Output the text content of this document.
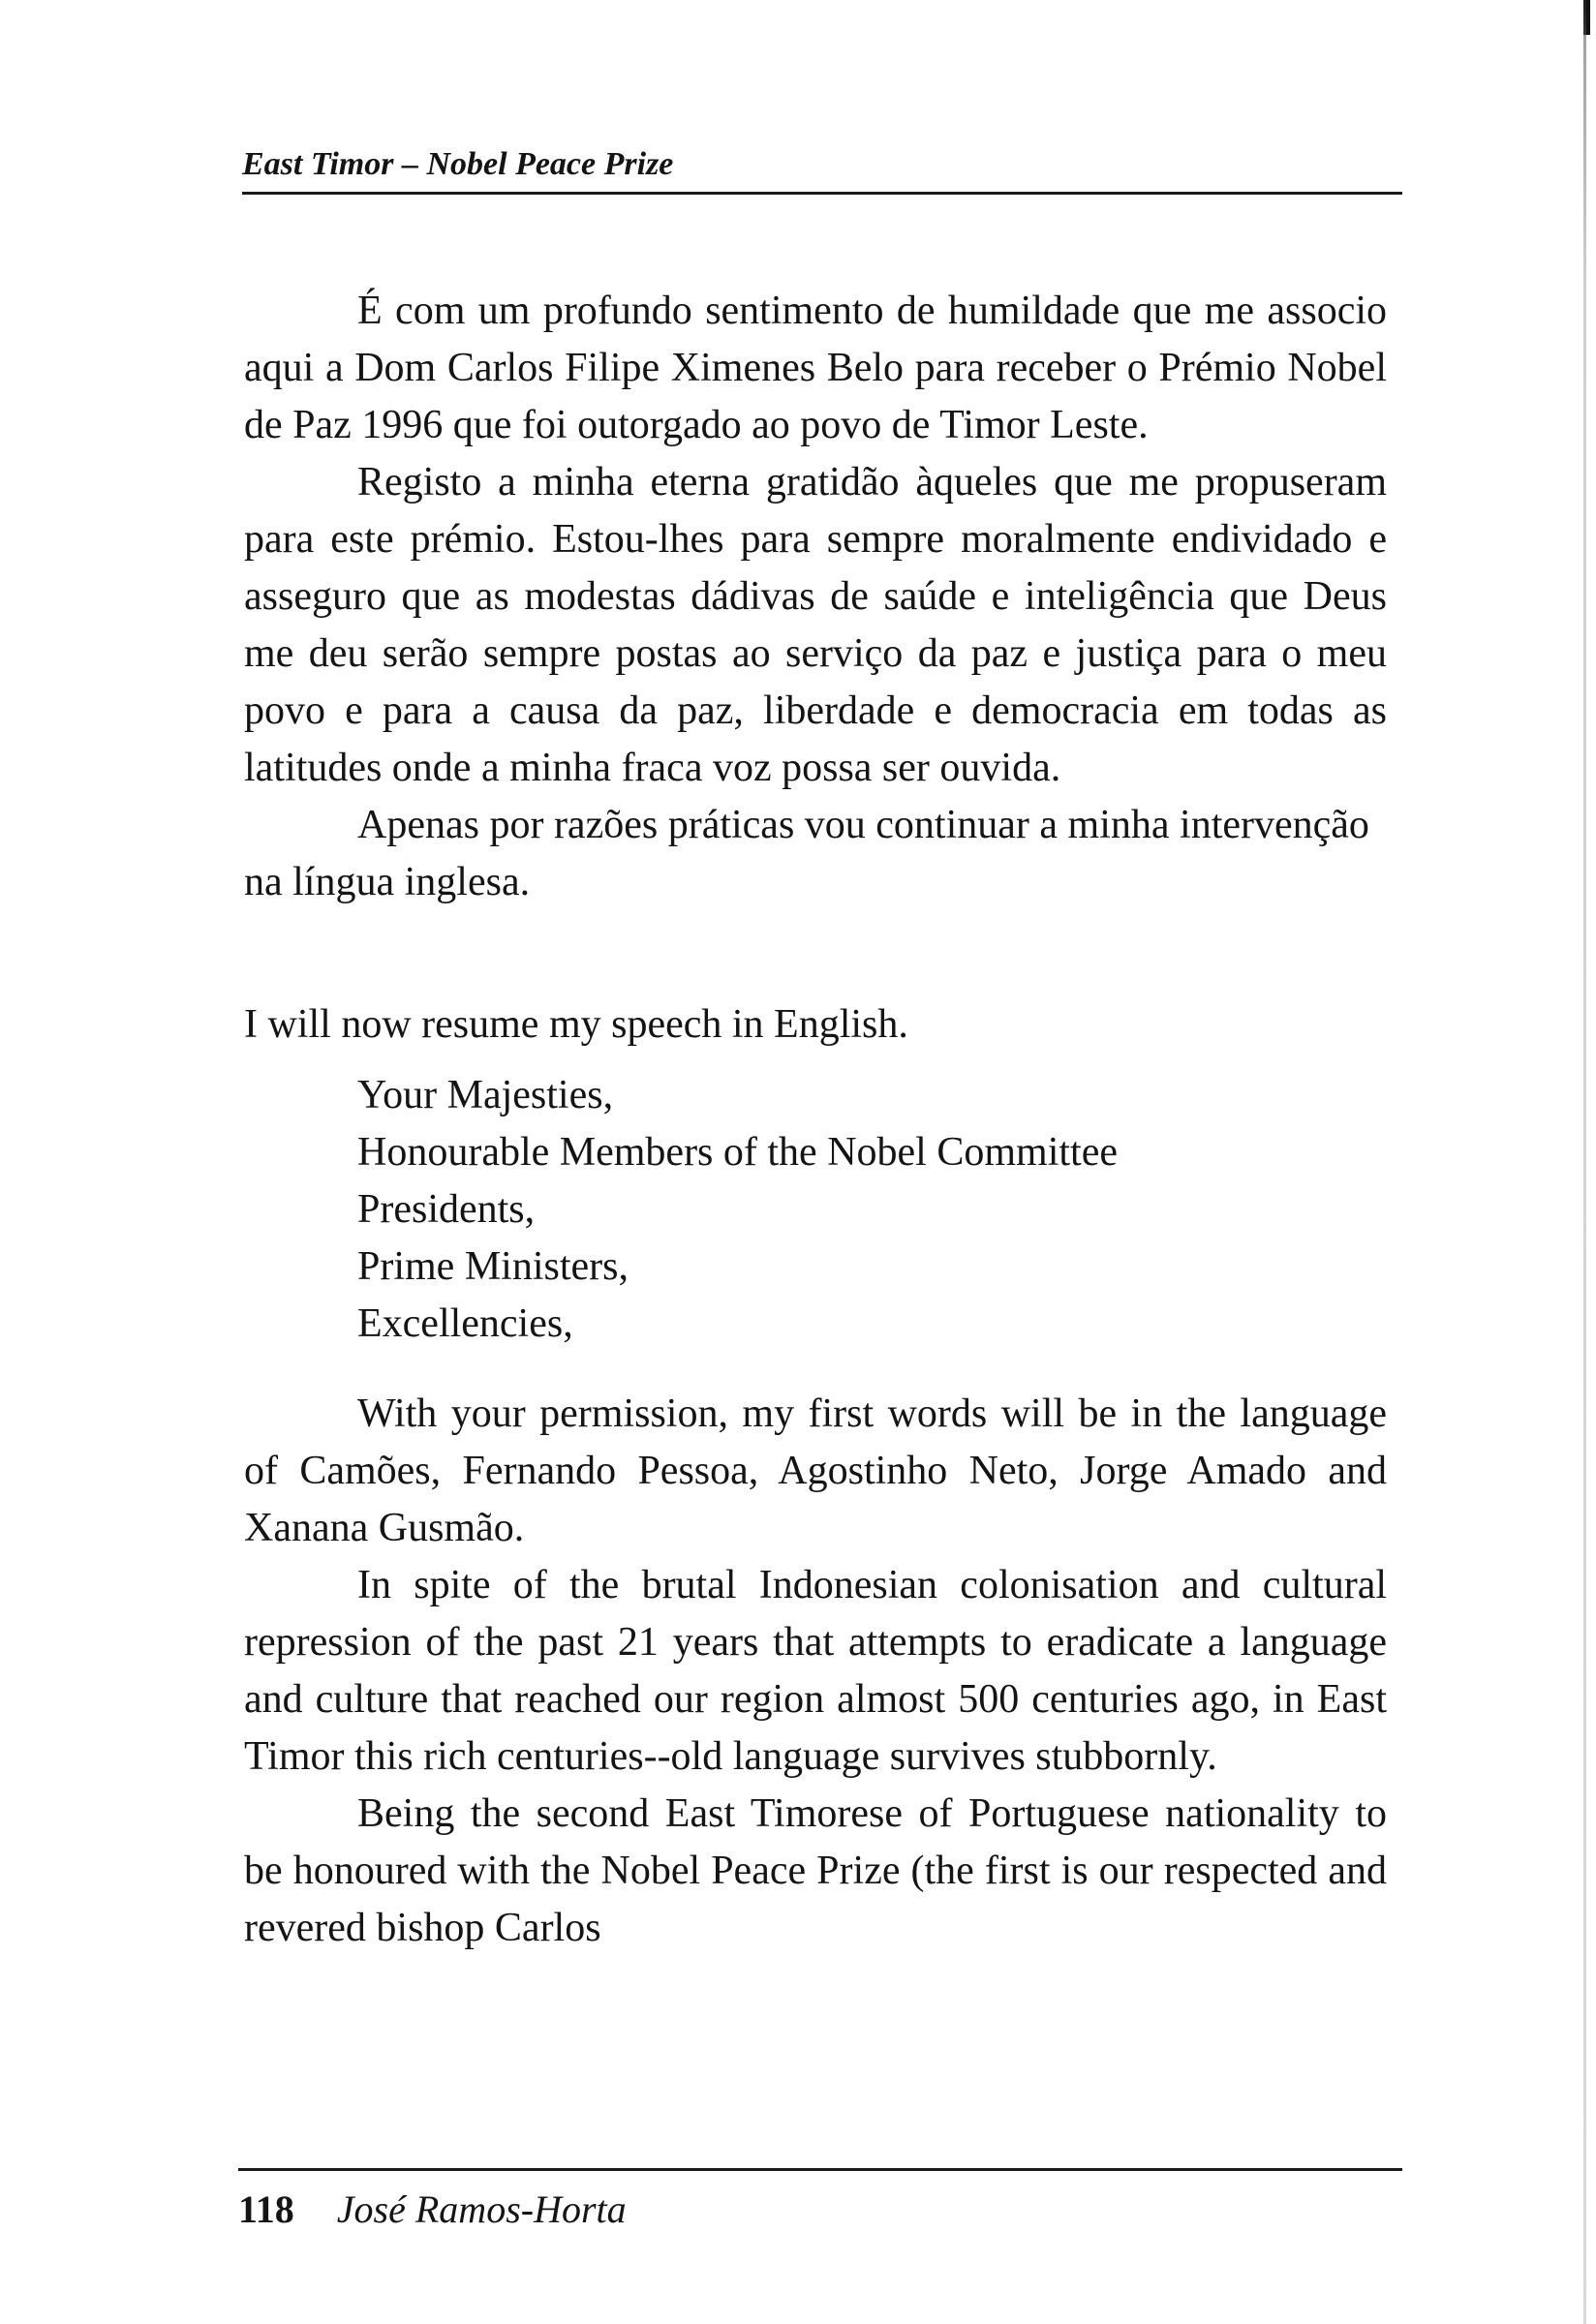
East Timor – Nobel Peace Prize

É com um profundo sentimento de humildade que me associo aqui a Dom Carlos Filipe Ximenes Belo para receber o Prémio Nobel de Paz 1996 que foi outorgado ao povo de Timor Leste.

Registo a minha eterna gratidão àqueles que me propuseram para este prémio. Estou-lhes para sempre moralmente endividado e asseguro que as modestas dádivas de saúde e inteligência que Deus me deu serão sempre postas ao serviço da paz e justiça para o meu povo e para a causa da paz, liberdade e democracia em todas as latitudes onde a minha fraca voz possa ser ouvida.

Apenas por razões práticas vou continuar a minha intervenção na língua inglesa.

I will now resume my speech in English.

Your Majesties,
Honourable Members of the Nobel Committee
Presidents,
Prime Ministers,
Excellencies,

With your permission, my first words will be in the language of Camões, Fernando Pessoa, Agostinho Neto, Jorge Amado and Xanana Gusmão.

In spite of the brutal Indonesian colonisation and cultural repression of the past 21 years that attempts to eradicate a language and culture that reached our region almost 500 centuries ago, in East Timor this rich centuries--old language survives stubbornly.

Being the second East Timorese of Portuguese nationality to be honoured with the Nobel Peace Prize (the first is our respected and revered bishop Carlos

118 José Ramos-Horta
